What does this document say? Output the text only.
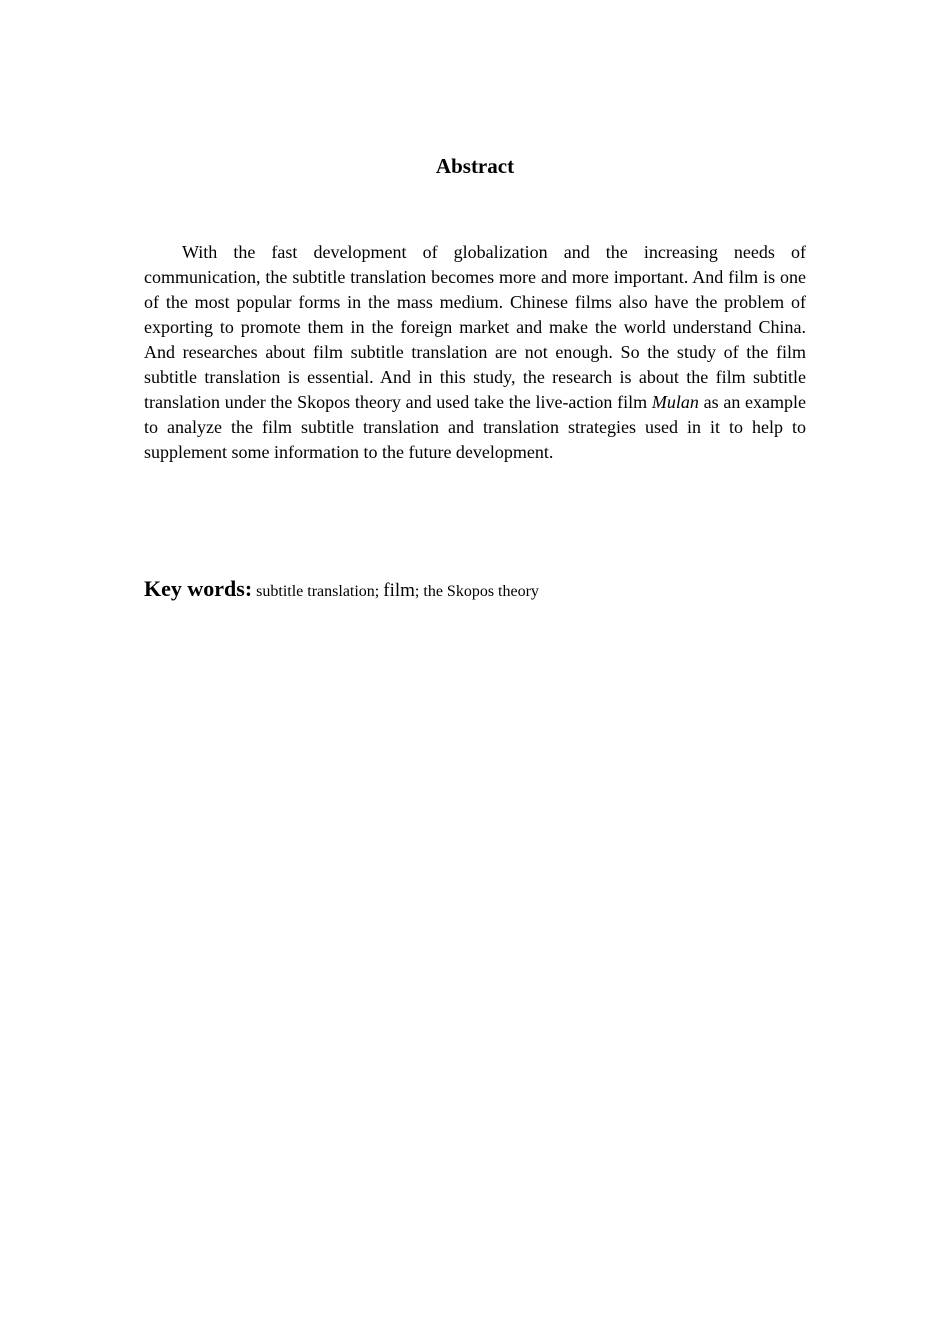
Abstract

With the fast development of globalization and the increasing needs of communication, the subtitle translation becomes more and more important. And film is one of the most popular forms in the mass medium. Chinese films also have the problem of exporting to promote them in the foreign market and make the world understand China. And researches about film subtitle translation are not enough. So the study of the film subtitle translation is essential. And in this study, the research is about the film subtitle translation under the Skopos theory and used take the live-action film Mulan as an example to analyze the film subtitle translation and translation strategies used in it to help to supplement some information to the future development.

Key words: subtitle translation; film; the Skopos theory
